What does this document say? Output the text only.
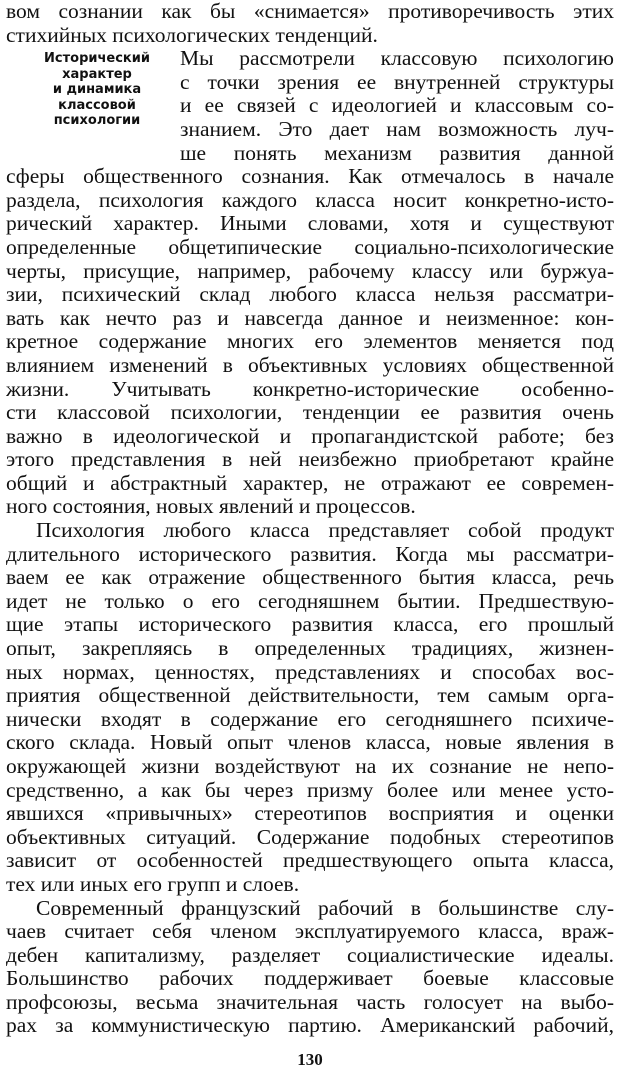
Исторический
характер
и динамика
классовой
психологии
вом сознании как бы «снимается» противоречивость этих
стихийных психологических тенденций.
Мы рассмотрели классовую психологию
с точки зрения ее внутренней структуры
и ее связей с идеологией и классовым со-
знанием. Это дает нам возможность луч-
ше понять механизм развития данной
сферы общественного сознания. Как отмечалось в начале
раздела, психология каждого класса носит конкретно-исто-
рический характер. Иными словами, хотя и существуют
определенные общетипические социально-психологические
черты, присущие, например, рабочему классу или буржуа-
зии, психический склад любого класса нельзя рассматри-
вать как нечто раз и навсегда данное и неизменное: кон-
кретное содержание многих его элементов меняется под
влиянием изменений в объективных условиях общественной
жизни. Учитывать конкретно-исторические особенно-
сти классовой психологии, тенденции ее развития очень
важно в идеологической и пропагандистской работе; без
этого представления в ней неизбежно приобретают крайне
общий и абстрактный характер, не отражают ее современ-
ного состояния, новых явлений и процессов.
Психология любого класса представляет собой продукт
длительного исторического развития. Когда мы рассматри-
ваем ее как отражение общественного бытия класса, речь
идет не только о его сегодняшнем бытии. Предшествую-
щие этапы исторического развития класса, его прошлый
опыт, закрепляясь в определенных традициях, жизнен-
ных нормах, ценностях, представлениях и способах вос-
приятия общественной действительности, тем самым орга-
нически входят в содержание его сегодняшнего психиче-
ского склада. Новый опыт членов класса, новые явления в
окружающей жизни воздействуют на их сознание не непо-
средственно, а как бы через призму более или менее усто-
явшихся «привычных» стереотипов восприятия и оценки
объективных ситуаций. Содержание подобных стереотипов
зависит от особенностей предшествующего опыта класса,
тех или иных его групп и слоев.
Современный французский рабочий в большинстве слу-
чаев считает себя членом эксплуатируемого класса, враж-
дебен капитализму, разделяет социалистические идеалы.
Большинство рабочих поддерживает боевые классовые
профсоюзы, весьма значительная часть голосует на выбо-
рах за коммунистическую партию. Американский рабочий,
130
